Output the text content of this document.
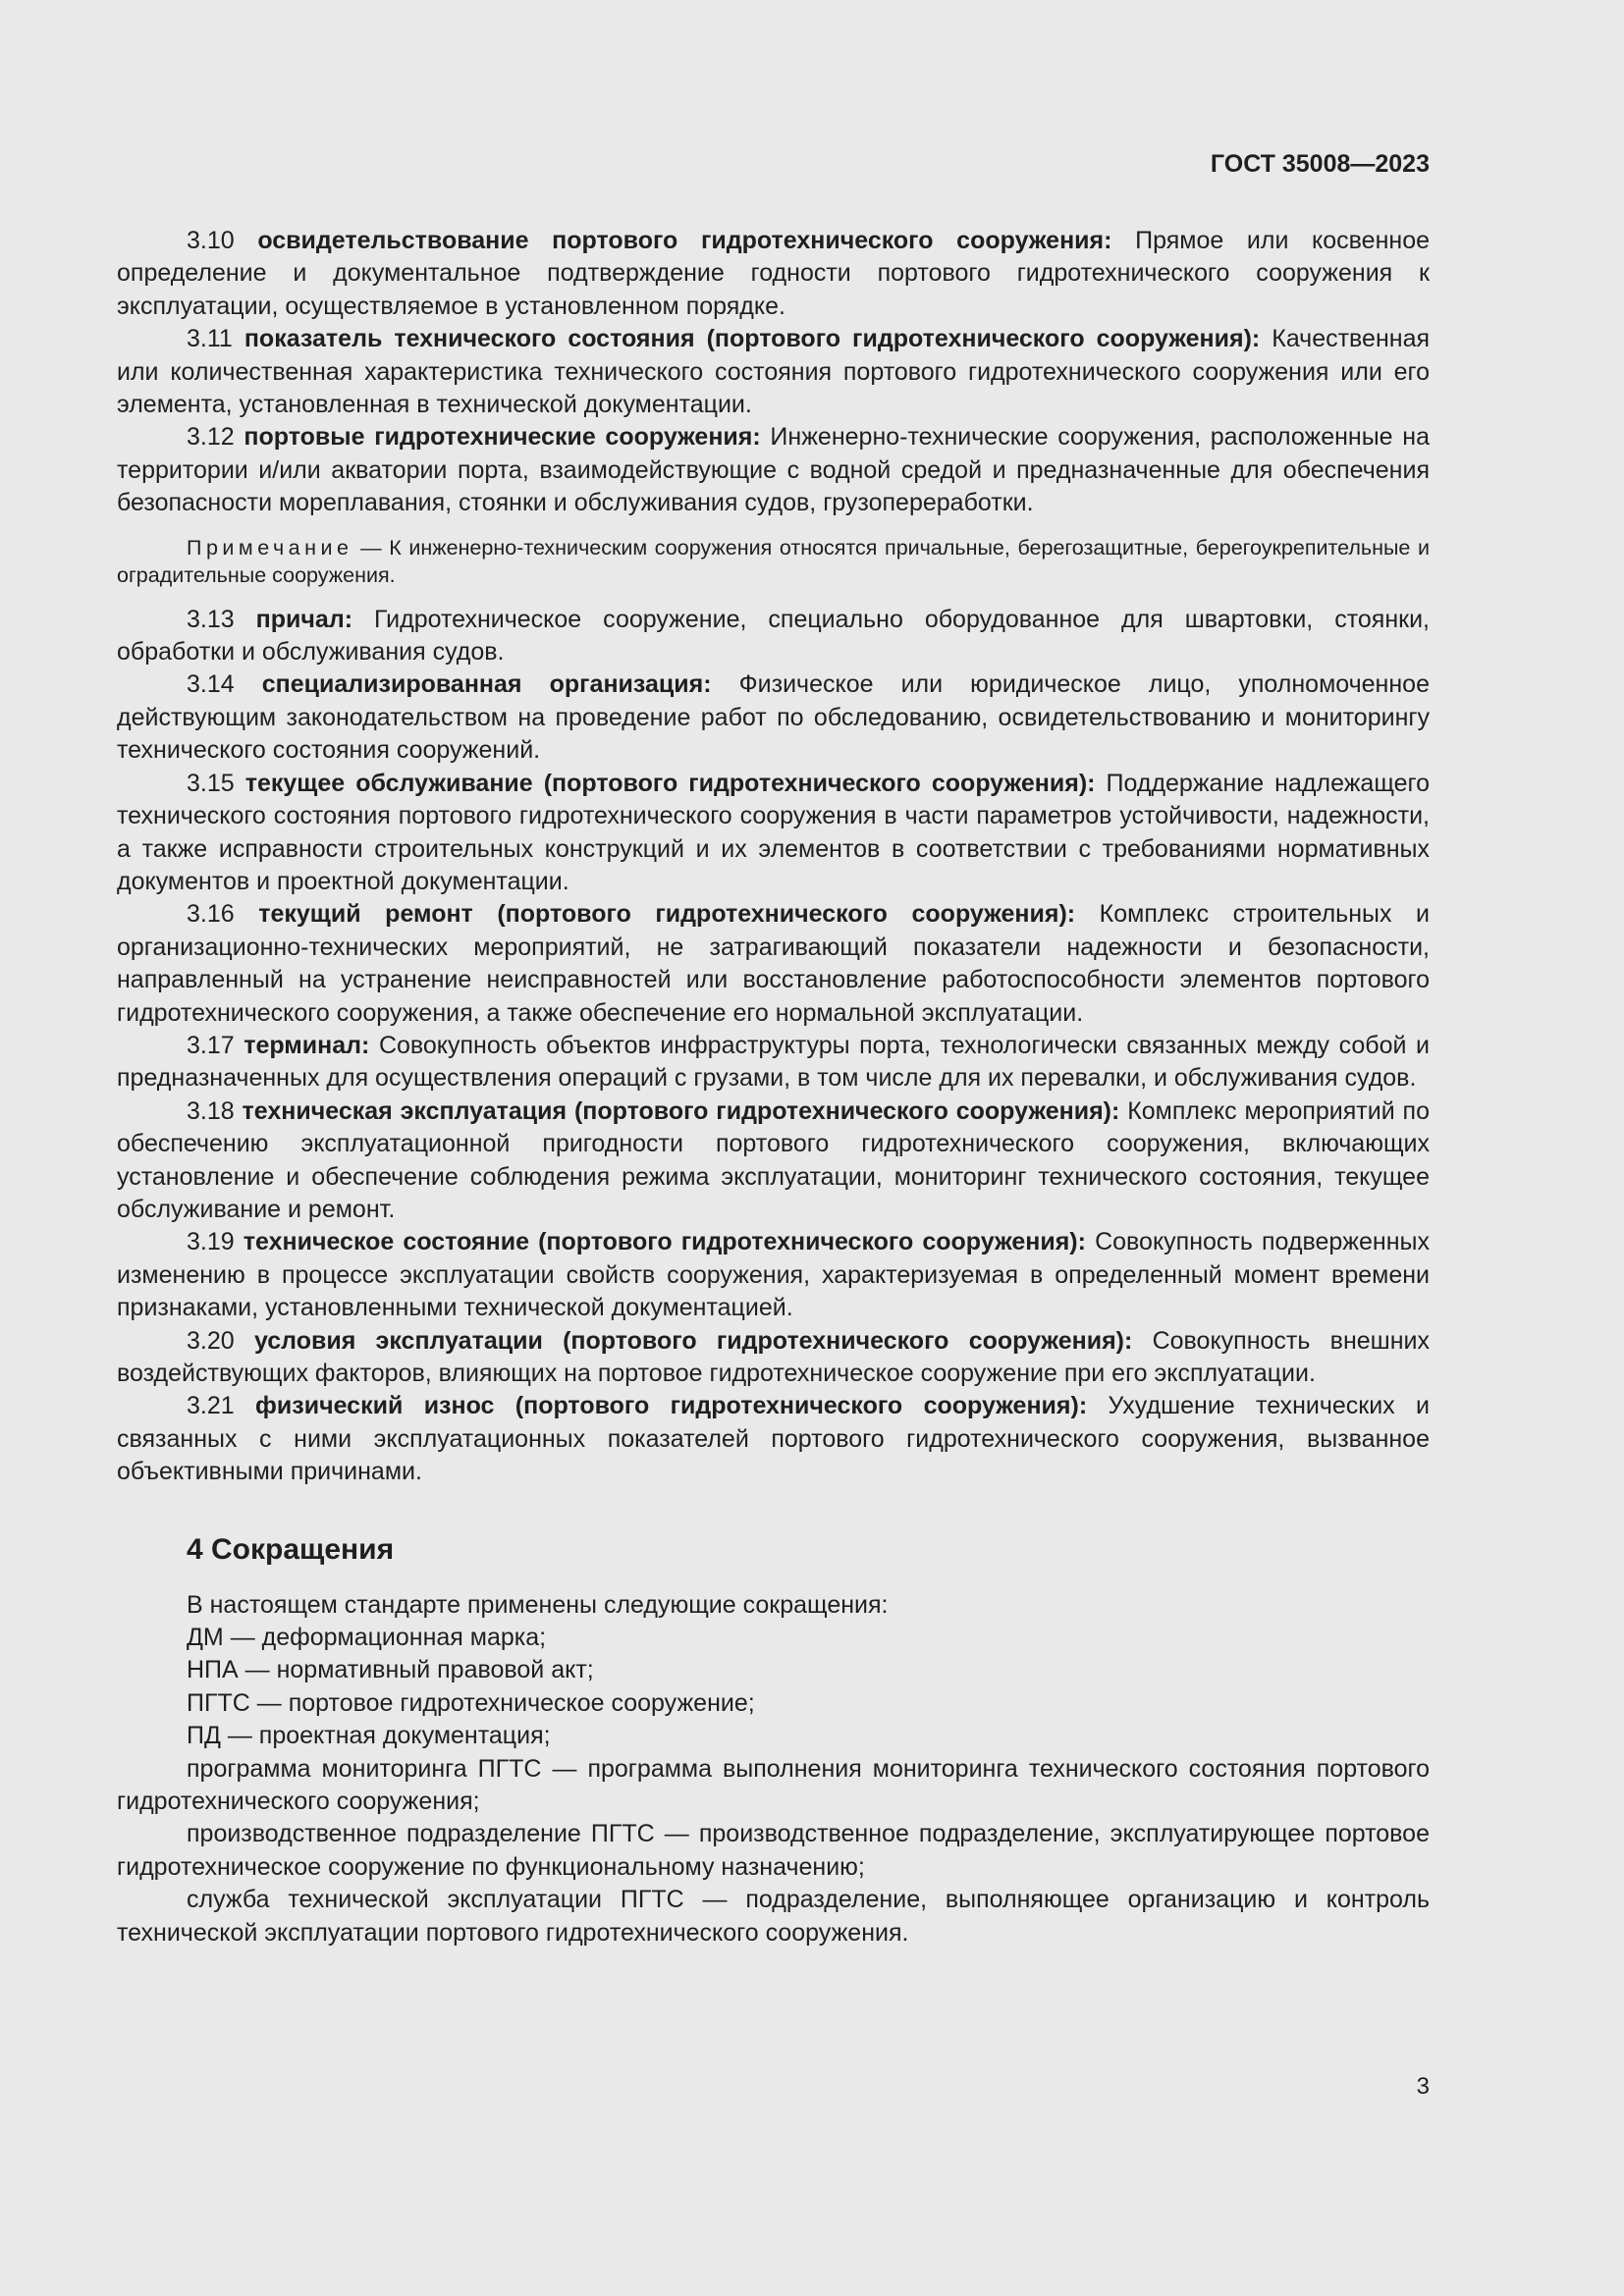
ГОСТ 35008—2023

3.10 освидетельствование портового гидротехнического сооружения: Прямое или косвенное определение и документальное подтверждение годности портового гидротехнического сооружения к эксплуатации, осуществляемое в установленном порядке.

3.11 показатель технического состояния (портового гидротехнического сооружения): Качественная или количественная характеристика технического состояния портового гидротехнического сооружения или его элемента, установленная в технической документации.

3.12 портовые гидротехнические сооружения: Инженерно-технические сооружения, расположенные на территории и/или акватории порта, взаимодействующие с водной средой и предназначенные для обеспечения безопасности мореплавания, стоянки и обслуживания судов, грузопереработки.

Примечание — К инженерно-техническим сооружения относятся причальные, берегозащитные, берегоукрепительные и оградительные сооружения.

3.13 причал: Гидротехническое сооружение, специально оборудованное для швартовки, стоянки, обработки и обслуживания судов.

3.14 специализированная организация: Физическое или юридическое лицо, уполномоченное действующим законодательством на проведение работ по обследованию, освидетельствованию и мониторингу технического состояния сооружений.

3.15 текущее обслуживание (портового гидротехнического сооружения): Поддержание надлежащего технического состояния портового гидротехнического сооружения в части параметров устойчивости, надежности, а также исправности строительных конструкций и их элементов в соответствии с требованиями нормативных документов и проектной документации.

3.16 текущий ремонт (портового гидротехнического сооружения): Комплекс строительных и организационно-технических мероприятий, не затрагивающий показатели надежности и безопасности, направленный на устранение неисправностей или восстановление работоспособности элементов портового гидротехнического сооружения, а также обеспечение его нормальной эксплуатации.

3.17 терминал: Совокупность объектов инфраструктуры порта, технологически связанных между собой и предназначенных для осуществления операций с грузами, в том числе для их перевалки, и обслуживания судов.

3.18 техническая эксплуатация (портового гидротехнического сооружения): Комплекс мероприятий по обеспечению эксплуатационной пригодности портового гидротехнического сооружения, включающих установление и обеспечение соблюдения режима эксплуатации, мониторинг технического состояния, текущее обслуживание и ремонт.

3.19 техническое состояние (портового гидротехнического сооружения): Совокупность подверженных изменению в процессе эксплуатации свойств сооружения, характеризуемая в определенный момент времени признаками, установленными технической документацией.

3.20 условия эксплуатации (портового гидротехнического сооружения): Совокупность внешних воздействующих факторов, влияющих на портовое гидротехническое сооружение при его эксплуатации.

3.21 физический износ (портового гидротехнического сооружения): Ухудшение технических и связанных с ними эксплуатационных показателей портового гидротехнического сооружения, вызванное объективными причинами.

4 Сокращения

В настоящем стандарте применены следующие сокращения:

ДМ — деформационная марка;

НПА — нормативный правовой акт;

ПГТС — портовое гидротехническое сооружение;

ПД — проектная документация;

программа мониторинга ПГТС — программа выполнения мониторинга технического состояния портового гидротехнического сооружения;

производственное подразделение ПГТС — производственное подразделение, эксплуатирующее портовое гидротехническое сооружение по функциональному назначению;

служба технической эксплуатации ПГТС — подразделение, выполняющее организацию и контроль технической эксплуатации портового гидротехнического сооружения.

3
